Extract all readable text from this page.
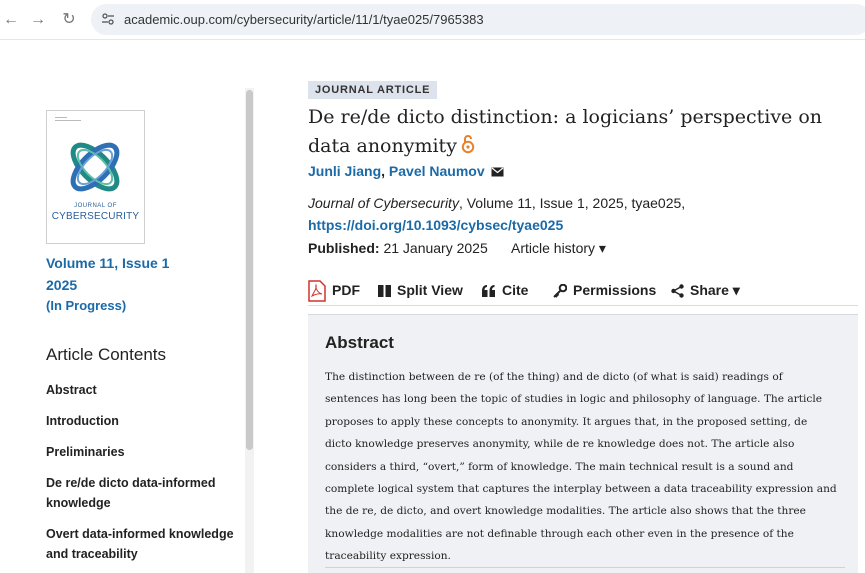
← → ↻	academic.oup.com/cybersecurity/article/11/1/tyae025/7965383
JOURNAL OF
CYBERSECURITY
Volume 11, Issue 1
2025
(In Progress)
Article Contents
Abstract
Introduction
Preliminaries
De re/de dicto data-informed knowledge
Overt data-informed knowledge and traceability
JOURNAL ARTICLE
De re/de dicto distinction: a logicians’ perspective on data anonymity
Junli Jiang, Pavel Naumov
Journal of Cybersecurity, Volume 11, Issue 1, 2025, tyae025,
https://doi.org/10.1093/cybsec/tyae025
Published: 21 January 2025 Article history ▾
PDF	Split View	Cite	Permissions	Share ▾
Abstract

The distinction between de re (of the thing) and de dicto (of what is said) readings of sentences has long been the topic of studies in logic and philosophy of language. The article proposes to apply these concepts to anonymity. It argues that, in the proposed setting, de dicto knowledge preserves anonymity, while de re knowledge does not. The article also considers a third, “overt,” form of knowledge. The main technical result is a sound and complete logical system that captures the interplay between a data traceability expression and the de re, de dicto, and overt knowledge modalities. The article also shows that the three knowledge modalities are not definable through each other even in the presence of the traceability expression.
